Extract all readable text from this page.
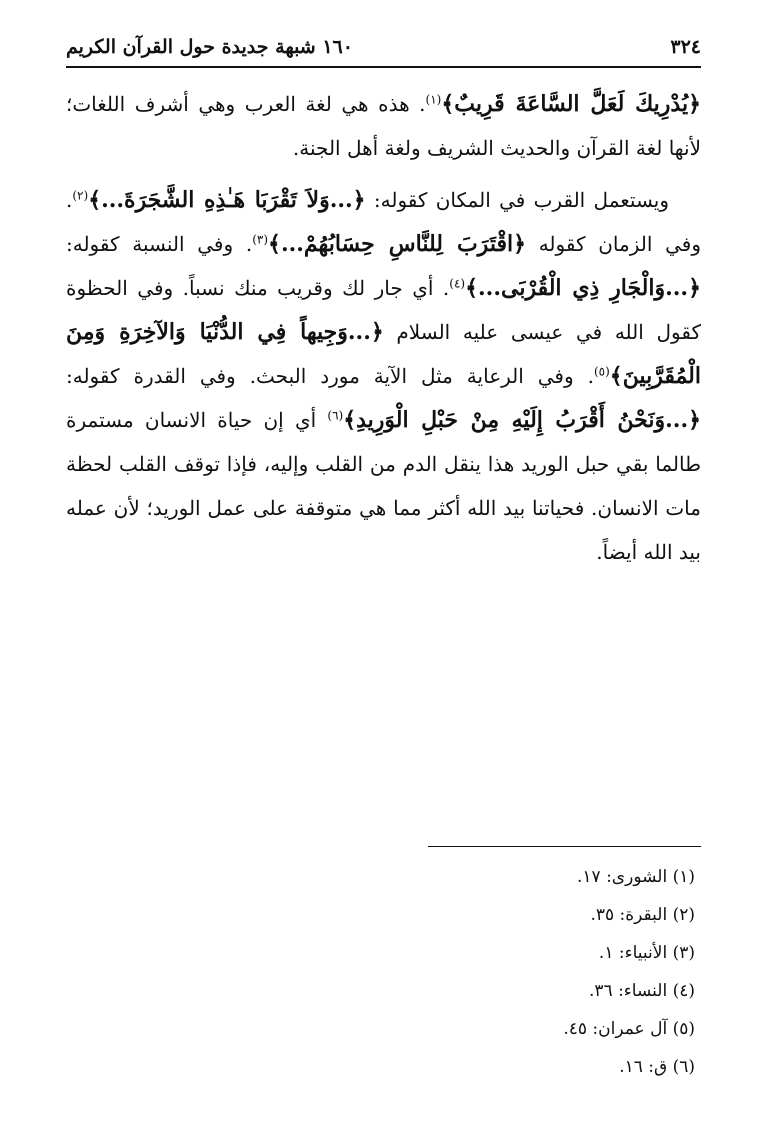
٣٢٤
١٦٠ شبهة جديدة حول القرآن الكريم

﴿يُدْرِيكَ لَعَلَّ السَّاعَةَ قَرِيبٌ﴾$^{(١)}$. هذه هي لغة العرب وهي أشرف اللغات؛ لأنها لغة القرآن والحديث الشريف ولغة أهل الجنة.

ويستعمل القرب في المكان كقوله: ﴿...وَلاَ تَقْرَبَا هَـٰذِهِ الشَّجَرَةَ...﴾$^{(٢)}$. وفي الزمان كقوله ﴿اقْتَرَبَ لِلنَّاسِ حِسَابُهُمْ...﴾$^{(٣)}$. وفي النسبة كقوله: ﴿...وَالْجَارِ ذِي الْقُرْبَى...﴾$^{(٤)}$. أي جار لك وقريب منك نسباً. وفي الحظوة كقول الله في عيسى عليه السلام ﴿...وَجِيهاً فِي الدُّنْيَا وَالآخِرَةِ وَمِنَ الْمُقَرَّبِينَ﴾$^{(٥)}$. وفي الرعاية مثل الآية مورد البحث. وفي القدرة كقوله: ﴿...وَنَحْنُ أَقْرَبُ إِلَيْهِ مِنْ حَبْلِ الْوَرِيدِ﴾$^{(٦)}$ أي إن حياة الانسان مستمرة طالما بقي حبل الوريد هذا ينقل الدم من القلب وإليه، فإذا توقف القلب لحظة مات الانسان. فحياتنا بيد الله أكثر مما هي متوقفة على عمل الوريد؛ لأن عمله بيد الله أيضاً.

(١) الشورى: ١٧.
(٢) البقرة: ٣٥.
(٣) الأنبياء: ١.
(٤) النساء: ٣٦.
(٥) آل عمران: ٤٥.
(٦) ق: ١٦.
